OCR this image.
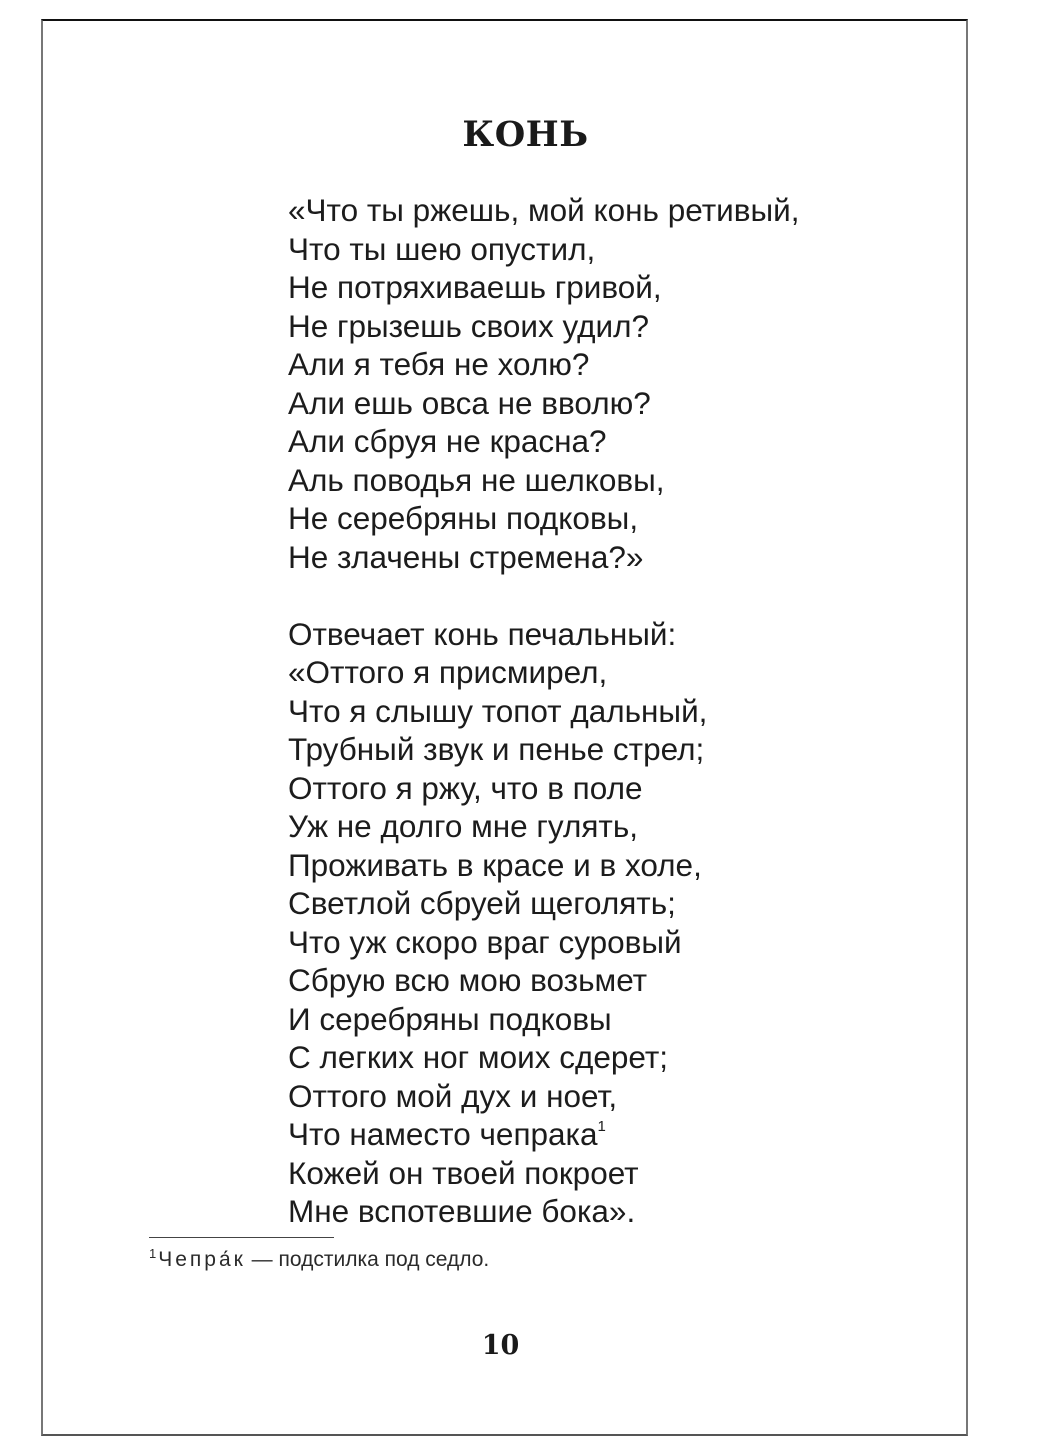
КОНЬ
«Что ты ржешь, мой конь ретивый,
Что ты шею опустил,
Не потряхиваешь гривой,
Не грызешь своих удил?
Али я тебя не холю?
Али ешь овса не вволю?
Али сбруя не красна?
Аль поводья не шелковы,
Не серебряны подковы,
Не злачены стремена?»
Отвечает конь печальный:
«Оттого я присмирел,
Что я слышу топот дальный,
Трубный звук и пенье стрел;
Оттого я ржу, что в поле
Уж не долго мне гулять,
Проживать в красе и в холе,
Светлой сбруей щеголять;
Что уж скоро враг суровый
Сбрую всю мою возьмет
И серебряны подковы
С легких ног моих сдерет;
Оттого мой дух и ноет,
Что наместо чепрака$^1$
Кожей он твоей покроет
Мне вспотевшие бока».
$^1$Чепра́к — подстилка под седло.
10
